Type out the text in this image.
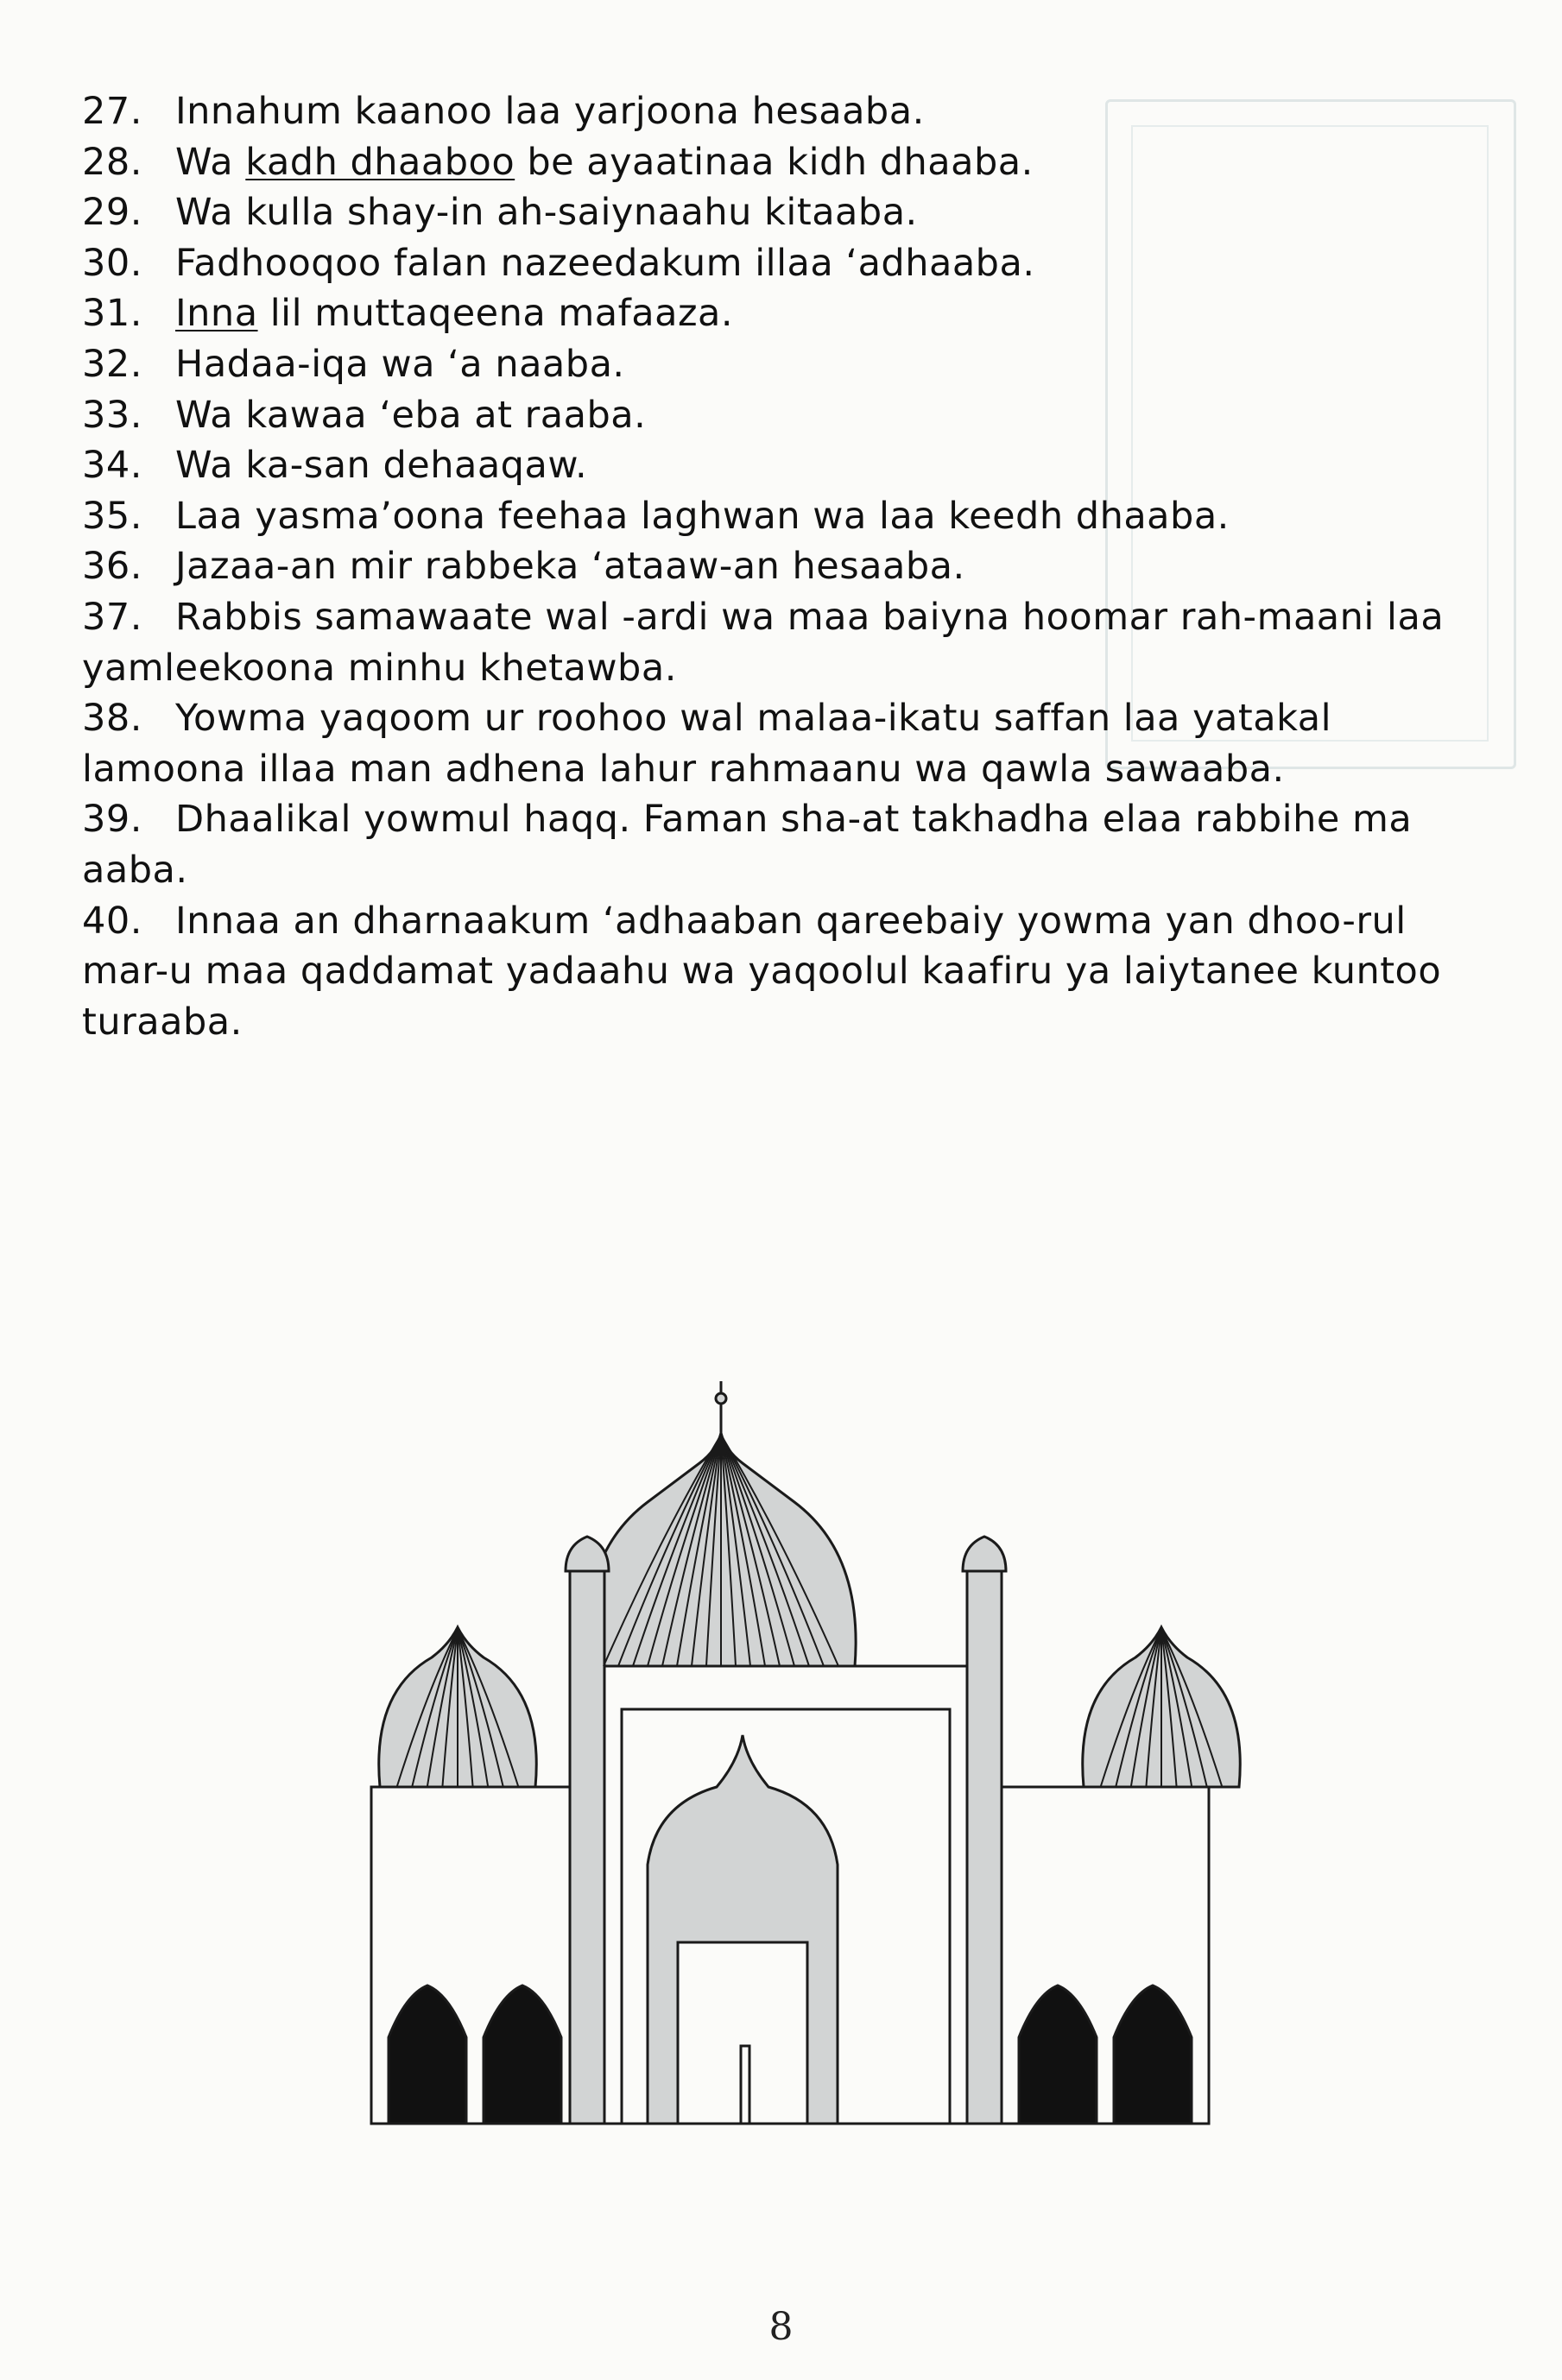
27. Innahum kaanoo laa yarjoona hesaaba.

28. Wa kadh dhaaboo be ayaatinaa kidh dhaaba.

29. Wa kulla shay-in ah-saiynaahu kitaaba.

30. Fadhooqoo falan nazeedakum illaa ‘adhaaba.

31. Inna lil muttaqeena mafaaza.

32. Hadaa-iqa wa ‘a naaba.

33. Wa kawaa ‘eba at raaba.

34. Wa ka-san dehaaqaw.

35. Laa yasma’oona feehaa laghwan wa laa keedh dhaaba.

36. Jazaa-an mir rabbeka ‘ataaw-an hesaaba.

37. Rabbis samawaate wal -ardi wa maa baiyna hoomar rah-maani laa yamleekoona minhu khetawba.

38. Yowma yaqoom ur roohoo wal malaa-ikatu saffan laa yatakal lamoona illaa man adhena lahur rahmaanu wa qawla sawaaba.

39. Dhaalikal yowmul haqq. Faman sha-at takhadha elaa rabbihe ma aaba.

40. Innaa an dharnaakum ‘adhaaban qareebaiy yowma yan dhoo-rul mar-u maa qaddamat yadaahu wa yaqoolul kaafiru ya laiytanee kuntoo turaaba.

8
